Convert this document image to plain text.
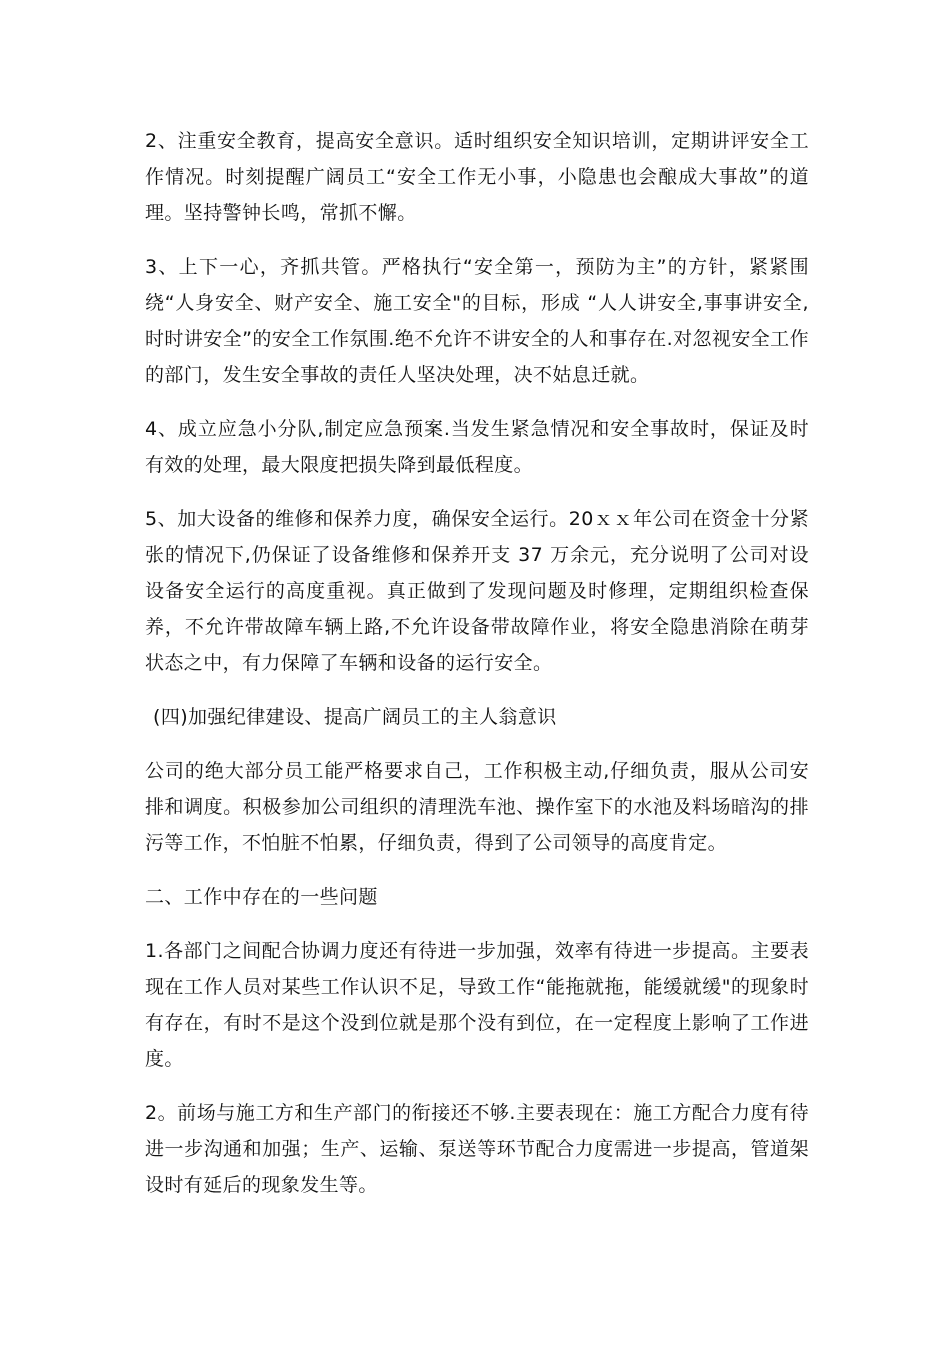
2、注重安全教育，提高安全意识。适时组织安全知识培训，定期讲评安全工作情况。时刻提醒广阔员工“安全工作无小事，小隐患也会酿成大事故”的道理。坚持警钟长鸣，常抓不懈。

3、上下一心，齐抓共管。严格执行“安全第一，预防为主”的方针，紧紧围绕“人身安全、财产安全、施工安全"的目标，形成 “人人讲安全,事事讲安全,时时讲安全”的安全工作氛围.绝不允许不讲安全的人和事存在.对忽视安全工作的部门，发生安全事故的责任人坚决处理，决不姑息迁就。

4、成立应急小分队,制定应急预案.当发生紧急情况和安全事故时，保证及时有效的处理，最大限度把损失降到最低程度。

5、加大设备的维修和保养力度，确保安全运行。20ｘｘ年公司在资金十分紧张的情况下,仍保证了设备维修和保养开支 37 万余元，充分说明了公司对设设备安全运行的高度重视。真正做到了发现问题及时修理，定期组织检查保养，不允许带故障车辆上路,不允许设备带故障作业，将安全隐患消除在萌芽状态之中，有力保障了车辆和设备的运行安全。

(四)加强纪律建设、提高广阔员工的主人翁意识

公司的绝大部分员工能严格要求自己，工作积极主动,仔细负责，服从公司安排和调度。积极参加公司组织的清理洗车池、操作室下的水池及料场暗沟的排污等工作，不怕脏不怕累，仔细负责，得到了公司领导的高度肯定。

二、工作中存在的一些问题

1.各部门之间配合协调力度还有待进一步加强，效率有待进一步提高。主要表现在工作人员对某些工作认识不足，导致工作“能拖就拖，能缓就缓"的现象时有存在，有时不是这个没到位就是那个没有到位，在一定程度上影响了工作进度。

2。前场与施工方和生产部门的衔接还不够.主要表现在：施工方配合力度有待进一步沟通和加强；生产、运输、泵送等环节配合力度需进一步提高，管道架设时有延后的现象发生等。
